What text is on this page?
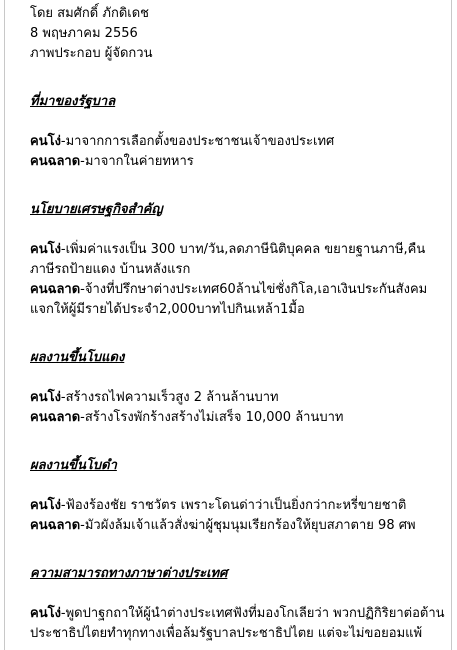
โดย สมศักดิ์ ภักดิเดช
8 พฤษภาคม 2556
ภาพประกอบ ผู้จัดกวน
ที่มาของรัฐบาล
คนโง่-มาจากการเลือกตั้งของประชาชนเจ้าของประเทศ
คนฉลาด-มาจากในค่ายทหาร
นโยบายเศรษฐกิจสำคัญ
คนโง่-เพิ่มค่าแรงเป็น 300 บาท/วัน,ลดภาษีนิติบุคคล ขยายฐานภาษี,คืนภาษีรถป้ายแดง บ้านหลังแรก
คนฉลาด-จ้างที่ปรึกษาต่างประเทศ60ล้านไข่ชั่งกิโล,เอาเงินประกันสังคมแจกให้ผู้มีรายได้ประจำ2,000บาทไปกินเหล้า1มื้อ
ผลงานขึ้นโบแดง
คนโง่-สร้างรถไฟความเร็วสูง 2 ล้านล้านบาท
คนฉลาด-สร้างโรงพักร้างสร้างไม่เสร็จ 10,000 ล้านบาท
ผลงานขึ้นโบดำ
คนโง่-ฟ้องร้องชัย ราชวัตร เพราะโดนด่าว่าเป็นยิ่งกว่ากะหรี่ขายชาติ
คนฉลาด-มัวผังล้มเจ้าแล้วสั่งฆ่าผู้ชุมนุมเรียกร้องให้ยุบสภาตาย 98 ศพ
ความสามารถทางภาษาต่างประเทศ
คนโง่-พูดปาฐกถาให้ผู้นำต่างประเทศฟังที่มองโกเลียว่า พวกปฏิกิริยาต่อต้านประชาธิปไตยทำทุกทางเพื่อล้มรัฐบาลประชาธิปไตย แต่จะไม่ขอยอมแพ้
